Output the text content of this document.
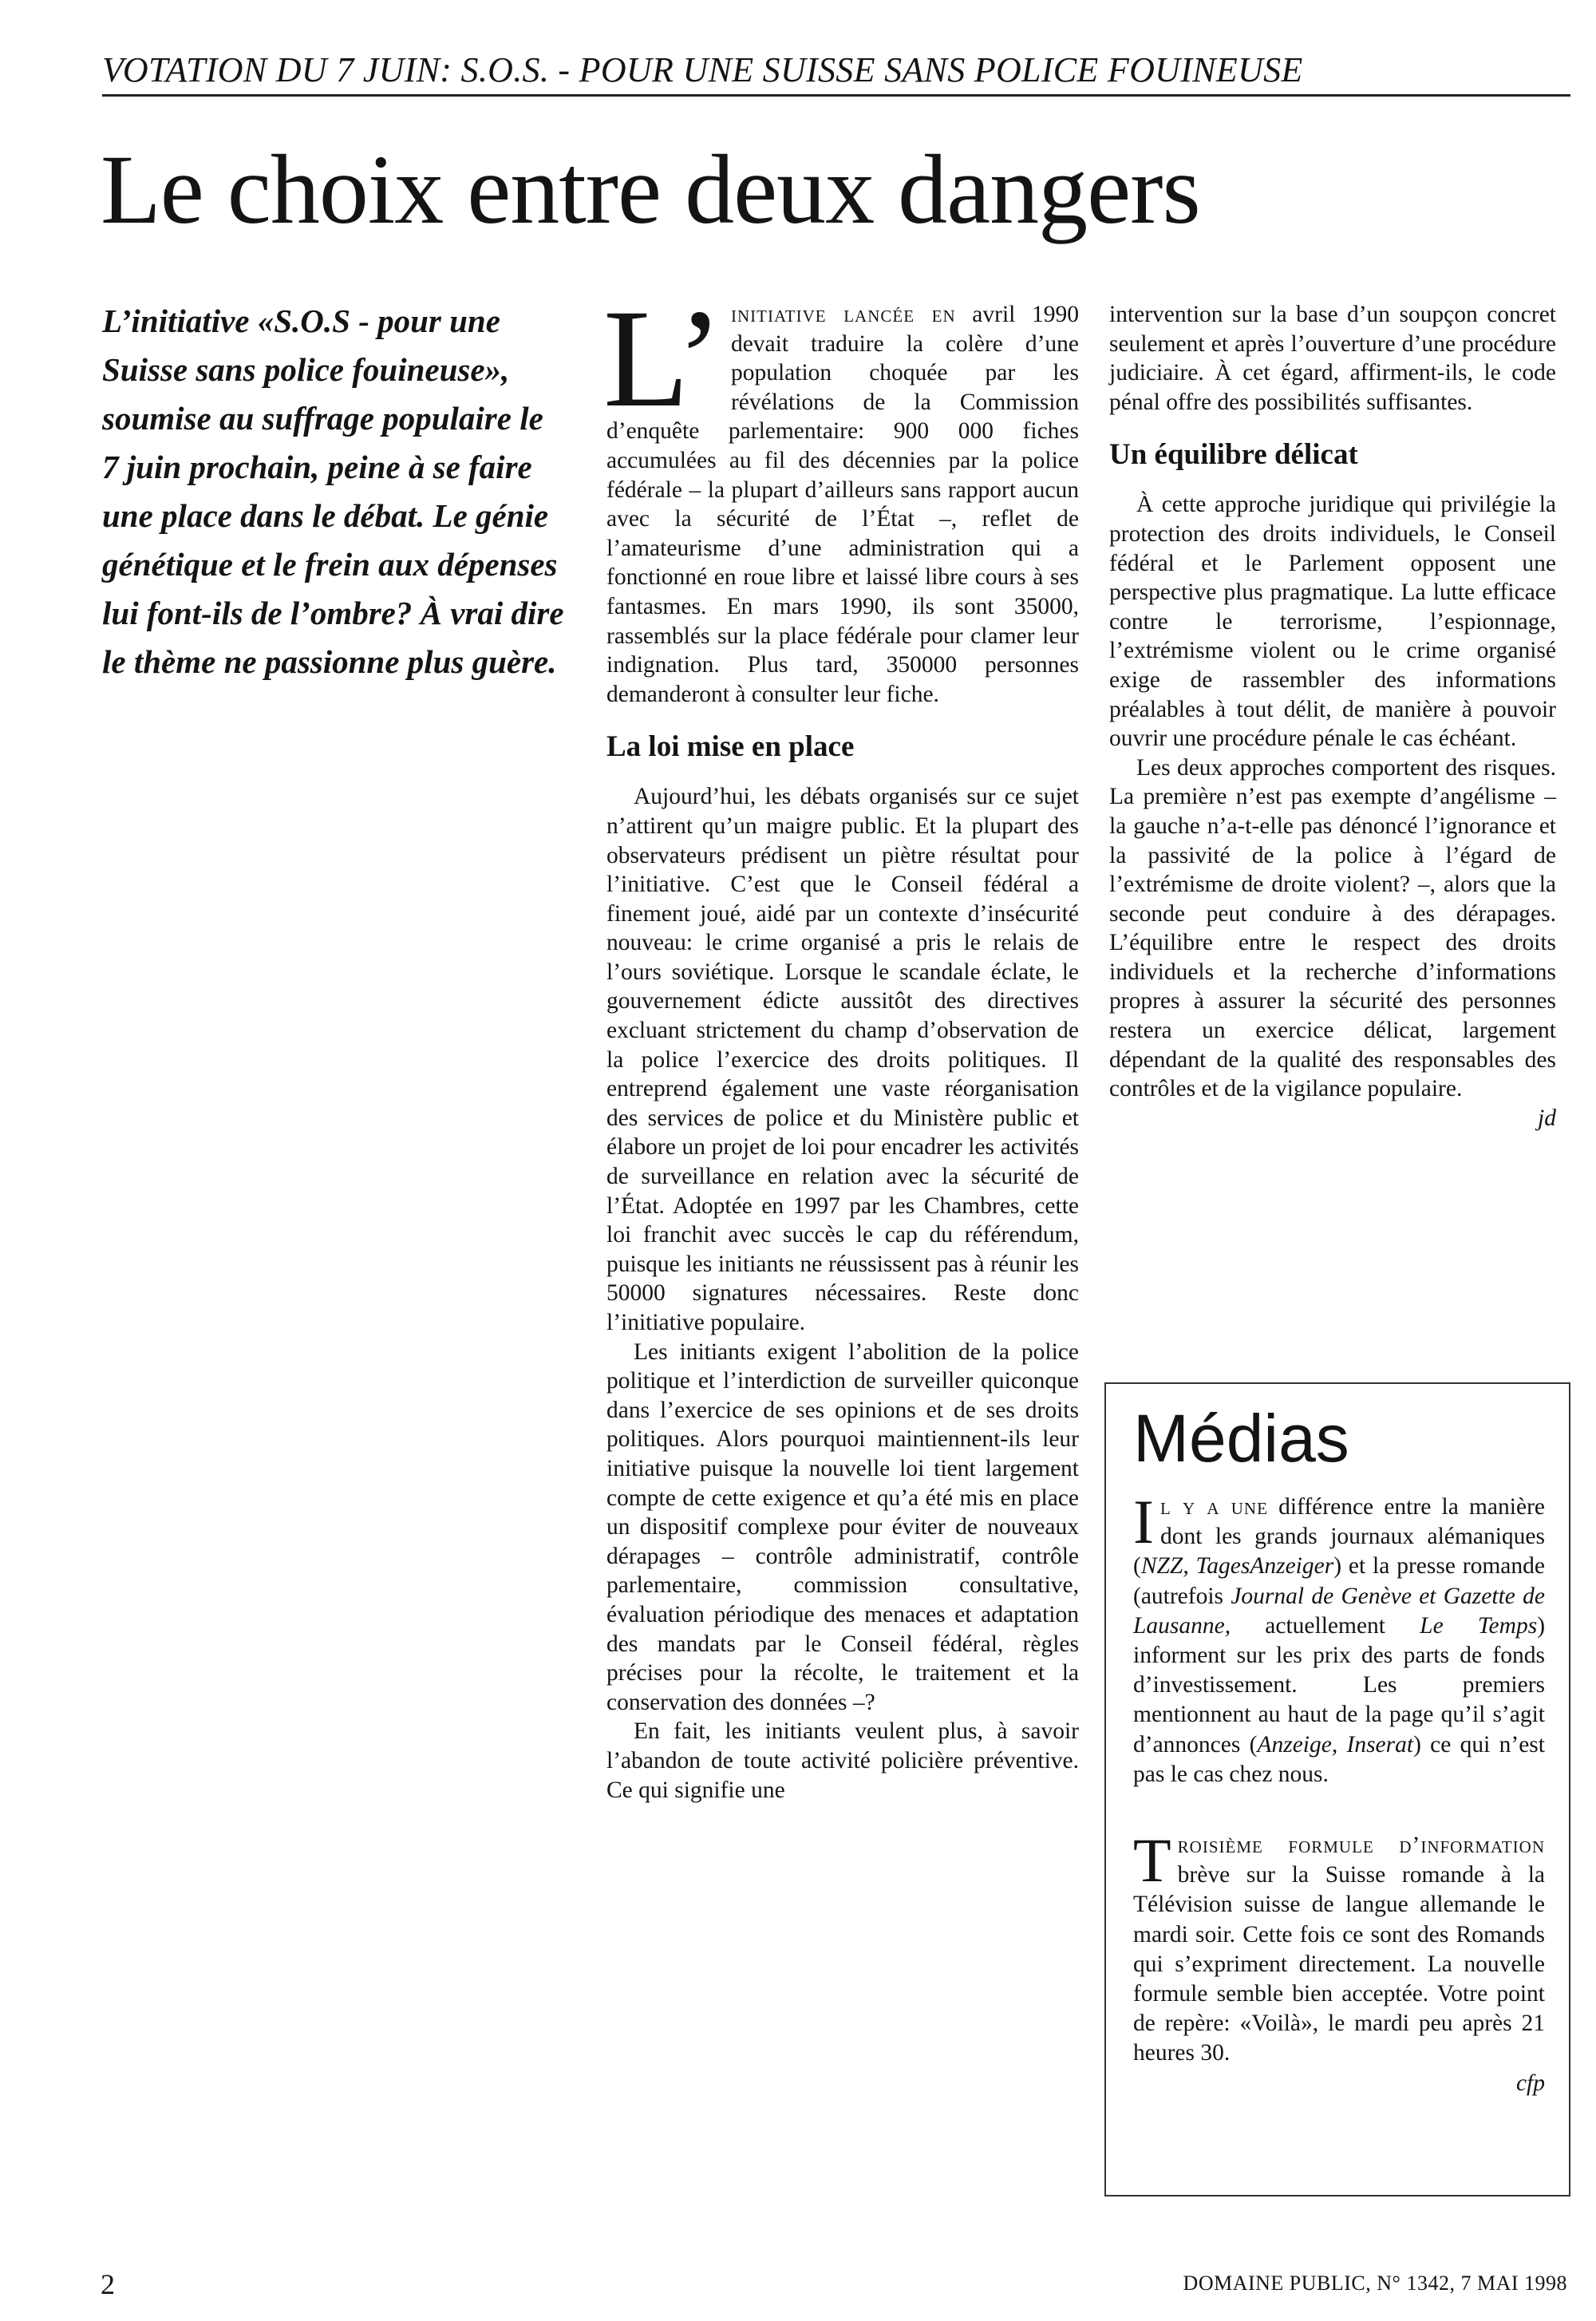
VOTATION DU 7 JUIN: S.O.S. - POUR UNE SUISSE SANS POLICE FOUINEUSE
Le choix entre deux dangers

L’initiative «S.O.S - pour une Suisse sans police fouineuse», soumise au suffrage populaire le 7 juin prochain, peine à se faire une place dans le débat. Le génie génétique et le frein aux dépenses lui font-ils de l’ombre? À vrai dire le thème ne passionne plus guère.

L’ initiative lancée en avril 1990 devait traduire la colère d’une population choquée par les révélations de la Commission d’enquête parlementaire: 900 000 fiches accumulées au fil des décennies par la police fédérale – la plupart d’ailleurs sans rapport aucun avec la sécurité de l’État –, reflet de l’amateurisme d’une administration qui a fonctionné en roue libre et laissé libre cours à ses fantasmes. En mars 1990, ils sont 35000, rassemblés sur la place fédérale pour clamer leur indignation. Plus tard, 350000 personnes demanderont à consulter leur fiche.

La loi mise en place

Aujourd’hui, les débats organisés sur ce sujet n’attirent qu’un maigre public. Et la plupart des observateurs prédisent un piètre résultat pour l’initiative. C’est que le Conseil fédéral a finement joué, aidé par un contexte d’insécurité nouveau: le crime organisé a pris le relais de l’ours soviétique. Lorsque le scandale éclate, le gouvernement édicte aussitôt des directives excluant strictement du champ d’observation de la police l’exercice des droits politiques. Il entreprend également une vaste réorganisation des services de police et du Ministère public et élabore un projet de loi pour encadrer les activités de surveillance en relation avec la sécurité de l’État. Adoptée en 1997 par les Chambres, cette loi franchit avec succès le cap du référendum, puisque les initiants ne réussissent pas à réunir les 50000 signatures nécessaires. Reste donc l’initiative populaire.

Les initiants exigent l’abolition de la police politique et l’interdiction de surveiller quiconque dans l’exercice de ses opinions et de ses droits politiques. Alors pourquoi maintiennent-ils leur initiative puisque la nouvelle loi tient largement compte de cette exigence et qu’a été mis en place un dispositif complexe pour éviter de nouveaux dérapages – contrôle administratif, contrôle parlementaire, commission consultative, évaluation périodique des menaces et adaptation des mandats par le Conseil fédéral, règles précises pour la récolte, le traitement et la conservation des données –?

En fait, les initiants veulent plus, à savoir l’abandon de toute activité policière préventive. Ce qui signifie une

intervention sur la base d’un soupçon concret seulement et après l’ouverture d’une procédure judiciaire. À cet égard, affirment-ils, le code pénal offre des possibilités suffisantes.

Un équilibre délicat

À cette approche juridique qui privilégie la protection des droits individuels, le Conseil fédéral et le Parlement opposent une perspective plus pragmatique. La lutte efficace contre le terrorisme, l’espionnage, l’extrémisme violent ou le crime organisé exige de rassembler des informations préalables à tout délit, de manière à pouvoir ouvrir une procédure pénale le cas échéant.

Les deux approches comportent des risques. La première n’est pas exempte d’angélisme – la gauche n’a-t-elle pas dénoncé l’ignorance et la passivité de la police à l’égard de l’extrémisme de droite violent? –, alors que la seconde peut conduire à des dérapages. L’équilibre entre le respect des droits individuels et la recherche d’informations propres à assurer la sécurité des personnes restera un exercice délicat, largement dépendant de la qualité des responsables des contrôles et de la vigilance populaire.

jd

Médias

Il y a une différence entre la manière dont les grands journaux alémaniques (NZZ, TagesAnzeiger) et la presse romande (autrefois Journal de Genève et Gazette de Lausanne, actuellement Le Temps) informent sur les prix des parts de fonds d’investissement. Les premiers mentionnent au haut de la page qu’il s’agit d’annonces (Anzeige, Inserat) ce qui n’est pas le cas chez nous.

Troisième formule d’information brève sur la Suisse romande à la Télévision suisse de langue allemande le mardi soir. Cette fois ce sont des Romands qui s’expriment directement. La nouvelle formule semble bien acceptée. Votre point de repère: «Voilà», le mardi peu après 21 heures 30.

cfp

2	DOMAINE PUBLIC, N° 1342, 7 MAI 1998
